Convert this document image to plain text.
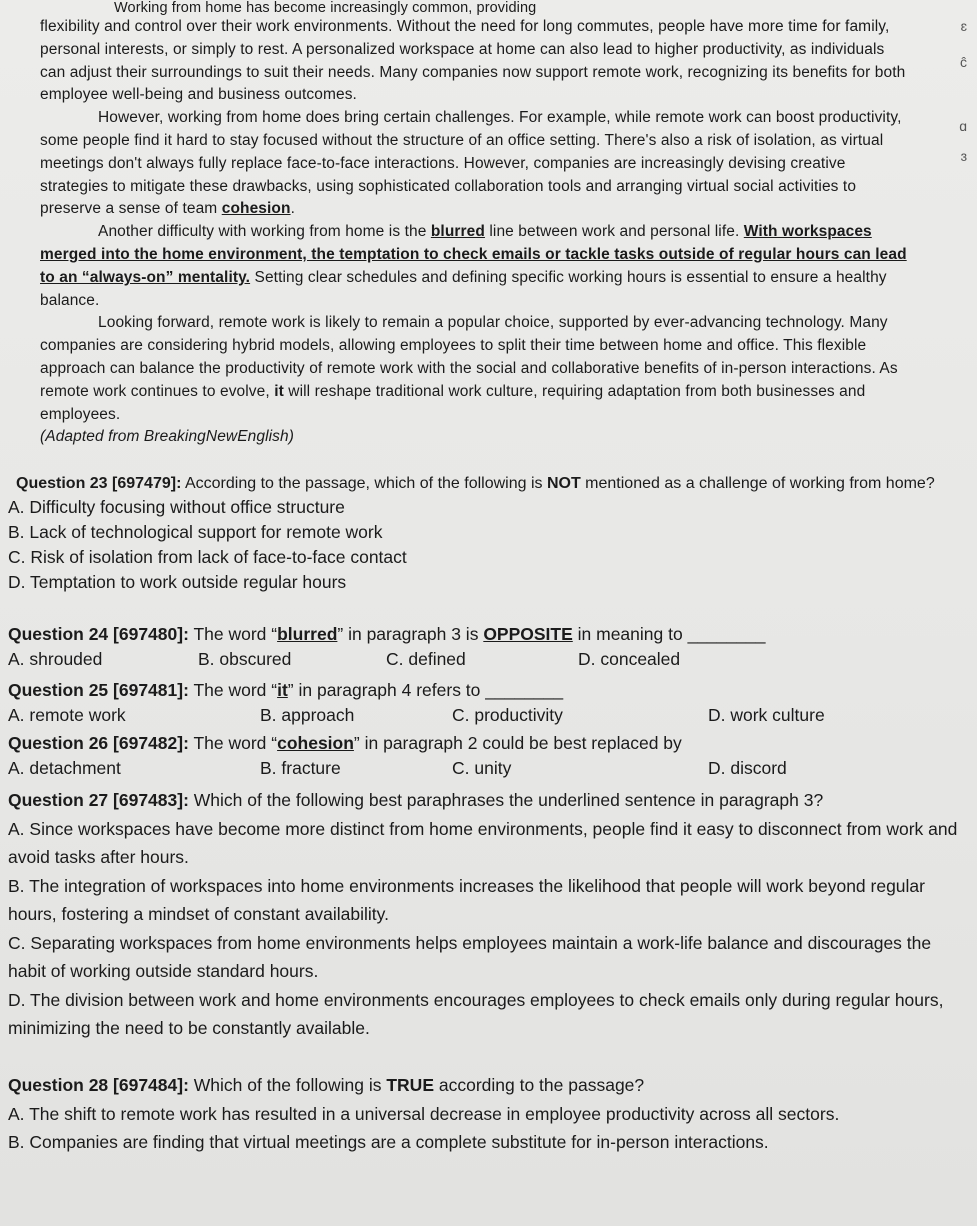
ɛ
ĉ
ɑ
ɜ

Working from home has become increasingly common, providing

flexibility and control over their work environments. Without the need for long commutes, people have more time for family, personal interests, or simply to rest. A personalized workspace at home can also lead to higher productivity, as individuals can adjust their surroundings to suit their needs. Many companies now support remote work, recognizing its benefits for both employee well-being and business outcomes.

However, working from home does bring certain challenges. For example, while remote work can boost productivity, some people find it hard to stay focused without the structure of an office setting. There's also a risk of isolation, as virtual meetings don't always fully replace face-to-face interactions. However, companies are increasingly devising creative strategies to mitigate these drawbacks, using sophisticated collaboration tools and arranging virtual social activities to preserve a sense of team cohesion.

Another difficulty with working from home is the blurred line between work and personal life. With workspaces merged into the home environment, the temptation to check emails or tackle tasks outside of regular hours can lead to an “always-on” mentality. Setting clear schedules and defining specific working hours is essential to ensure a healthy balance.

Looking forward, remote work is likely to remain a popular choice, supported by ever-advancing technology. Many companies are considering hybrid models, allowing employees to split their time between home and office. This flexible approach can balance the productivity of remote work with the social and collaborative benefits of in-person interactions. As remote work continues to evolve, it will reshape traditional work culture, requiring adaptation from both businesses and employees.

(Adapted from BreakingNewEnglish)

Question 23 [697479]: According to the passage, which of the following is NOT mentioned as a challenge of working from home?

A. Difficulty focusing without office structure

B. Lack of technological support for remote work

C. Risk of isolation from lack of face-to-face contact

D. Temptation to work outside regular hours

Question 24 [697480]: The word “blurred” in paragraph 3 is OPPOSITE in meaning to ________

A. shrouded	B. obscured	C. defined	D. concealed

Question 25 [697481]: The word “it” in paragraph 4 refers to ________

A. remote work	B. approach	C. productivity	D. work culture

Question 26 [697482]: The word “cohesion” in paragraph 2 could be best replaced by

A. detachment	B. fracture	C. unity	D. discord

Question 27 [697483]: Which of the following best paraphrases the underlined sentence in paragraph 3?

A. Since workspaces have become more distinct from home environments, people find it easy to disconnect from work and avoid tasks after hours.

B. The integration of workspaces into home environments increases the likelihood that people will work beyond regular hours, fostering a mindset of constant availability.

C. Separating workspaces from home environments helps employees maintain a work-life balance and discourages the habit of working outside standard hours.

D. The division between work and home environments encourages employees to check emails only during regular hours, minimizing the need to be constantly available.

Question 28 [697484]: Which of the following is TRUE according to the passage?

A. The shift to remote work has resulted in a universal decrease in employee productivity across all sectors.

B. Companies are finding that virtual meetings are a complete substitute for in-person interactions.
